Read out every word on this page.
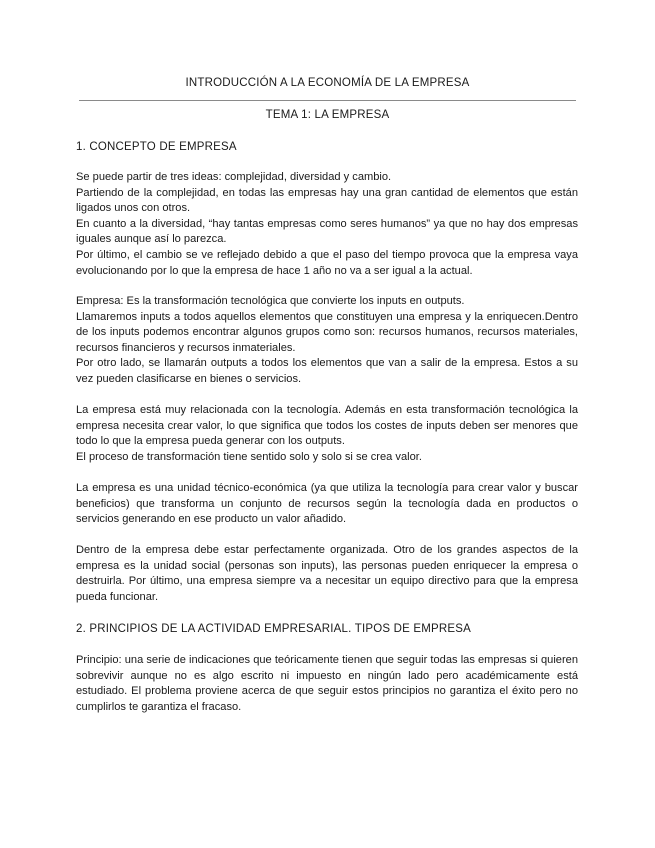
INTRODUCCIÓN A LA ECONOMÍA DE LA EMPRESA
TEMA 1: LA EMPRESA
1. CONCEPTO DE EMPRESA

Se puede partir de tres ideas: complejidad, diversidad y cambio.

Partiendo de la complejidad, en todas las empresas hay una gran cantidad de elementos que están ligados unos con otros.

En cuanto a la diversidad, “hay tantas empresas como seres humanos” ya que no hay dos empresas iguales aunque así lo parezca.

Por último, el cambio se ve reflejado debido a que el paso del tiempo provoca que la empresa vaya evolucionando por lo que la empresa de hace 1 año no va a ser igual a la actual.

Empresa: Es la transformación tecnológica que convierte los inputs en outputs.

Llamaremos inputs a todos aquellos elementos que constituyen una empresa y la enriquecen.Dentro de los inputs podemos encontrar algunos grupos como son: recursos humanos, recursos materiales, recursos financieros y recursos inmateriales.

Por otro lado, se llamarán outputs a todos los elementos que van a salir de la empresa. Estos a su vez pueden clasificarse en bienes o servicios.

La empresa está muy relacionada con la tecnología. Además en esta transformación tecnológica la empresa necesita crear valor, lo que significa que todos los costes de inputs deben ser menores que todo lo que la empresa pueda generar con los outputs.

El proceso de transformación tiene sentido solo y solo si se crea valor.

La empresa es una unidad técnico-económica (ya que utiliza la tecnología para crear valor y buscar beneficios) que transforma un conjunto de recursos según la tecnología dada en productos o servicios generando en ese producto un valor añadido.

Dentro de la empresa debe estar perfectamente organizada. Otro de los grandes aspectos de la empresa es la unidad social (personas son inputs), las personas pueden enriquecer la empresa o destruirla. Por último, una empresa siempre va a necesitar un equipo directivo para que la empresa pueda funcionar.

2. PRINCIPIOS DE LA ACTIVIDAD EMPRESARIAL. TIPOS DE EMPRESA

Principio: una serie de indicaciones que teóricamente tienen que seguir todas las empresas si quieren sobrevivir aunque no es algo escrito ni impuesto en ningún lado pero académicamente está estudiado. El problema proviene acerca de que seguir estos principios no garantiza el éxito pero no cumplirlos te garantiza el fracaso.
